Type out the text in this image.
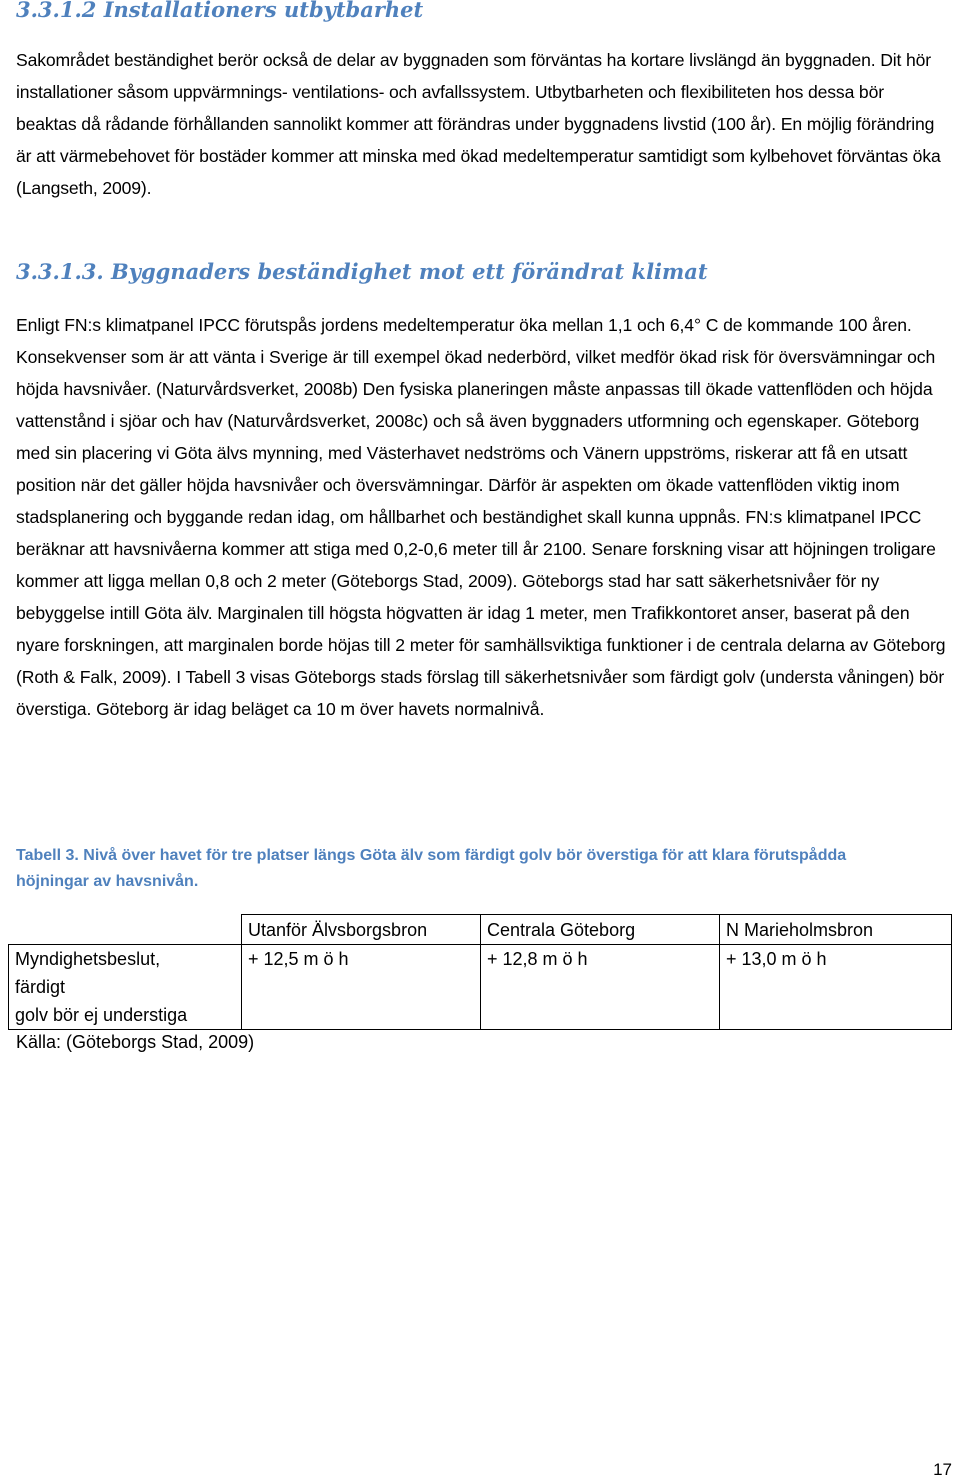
3.3.1.2 Installationers utbytbarhet

Sakområdet beständighet berör också de delar av byggnaden som förväntas ha kortare livslängd än byggnaden. Dit hör installationer såsom uppvärmnings- ventilations- och avfallssystem. Utbytbarheten och flexibiliteten hos dessa bör beaktas då rådande förhållanden sannolikt kommer att förändras under byggnadens livstid (100 år). En möjlig förändring är att värmebehovet för bostäder kommer att minska med ökad medeltemperatur samtidigt som kylbehovet förväntas öka (Langseth, 2009).

3.3.1.3. Byggnaders beständighet mot ett förändrat klimat

Enligt FN:s klimatpanel IPCC förutspås jordens medeltemperatur öka mellan 1,1 och 6,4° C de kommande 100 åren. Konsekvenser som är att vänta i Sverige är till exempel ökad nederbörd, vilket medför ökad risk för översvämningar och höjda havsnivåer. (Naturvårdsverket, 2008b) Den fysiska planeringen måste anpassas till ökade vattenflöden och höjda vattenstånd i sjöar och hav (Naturvårdsverket, 2008c) och så även byggnaders utformning och egenskaper. Göteborg med sin placering vi Göta älvs mynning, med Västerhavet nedströms och Vänern uppströms, riskerar att få en utsatt position när det gäller höjda havsnivåer och översvämningar. Därför är aspekten om ökade vattenflöden viktig inom stadsplanering och byggande redan idag, om hållbarhet och beständighet skall kunna uppnås. FN:s klimatpanel IPCC beräknar att havsnivåerna kommer att stiga med 0,2-0,6 meter till år 2100. Senare forskning visar att höjningen troligare kommer att ligga mellan 0,8 och 2 meter (Göteborgs Stad, 2009). Göteborgs stad har satt säkerhetsnivåer för ny bebyggelse intill Göta älv. Marginalen till högsta högvatten är idag 1 meter, men Trafikkontoret anser, baserat på den nyare forskningen, att marginalen borde höjas till 2 meter för samhällsviktiga funktioner i de centrala delarna av Göteborg (Roth & Falk, 2009). I Tabell 3 visas Göteborgs stads förslag till säkerhetsnivåer som färdigt golv (understa våningen) bör överstiga. Göteborg är idag beläget ca 10 m över havets normalnivå.

Tabell 3. Nivå över havet för tre platser längs Göta älv som färdigt golv bör överstiga för att klara förutspådda höjningar av havsnivån.

	Utanför Älvsborgsbron	Centrala Göteborg	N Marieholmsbron

Myndighetsbeslut,
färdigt
golv bör ej understiga	+ 12,5 m ö h	+ 12,8 m ö h	+ 13,0 m ö h

Källa: (Göteborgs Stad, 2009)

17
